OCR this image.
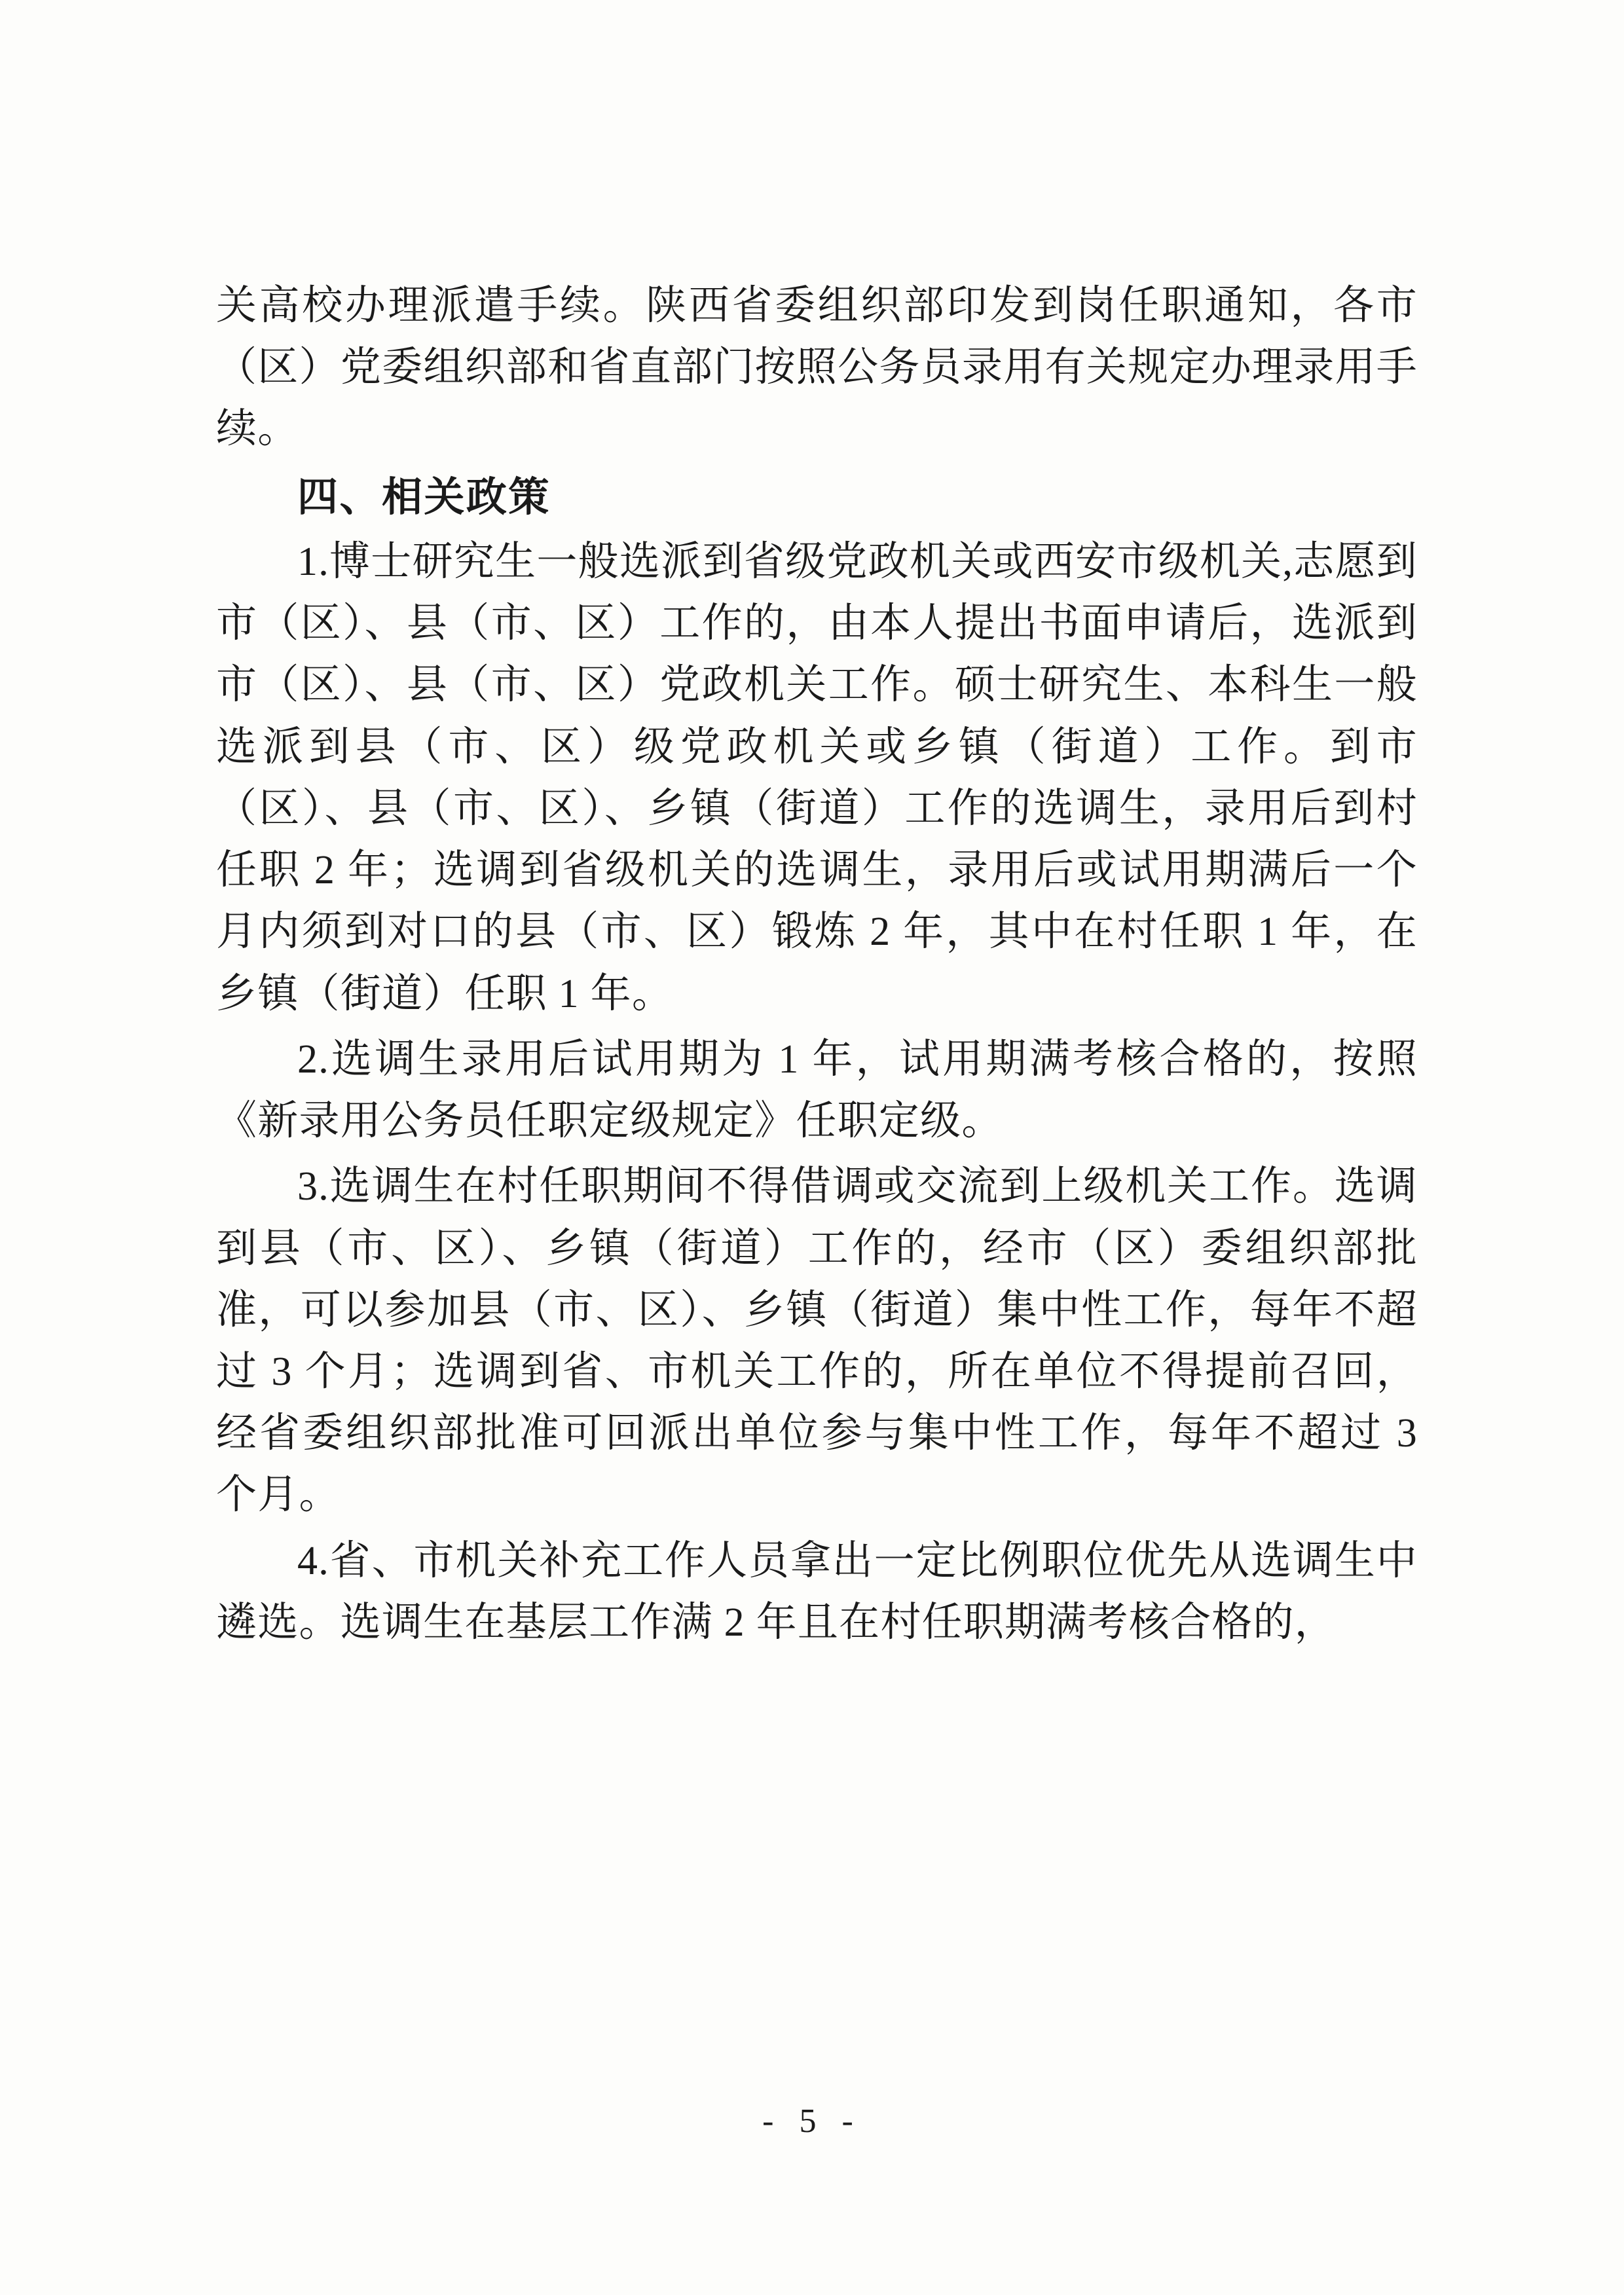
关高校办理派遣手续。陕西省委组织部印发到岗任职通知，各市（区）党委组织部和省直部门按照公务员录用有关规定办理录用手续。

四、相关政策

1.博士研究生一般选派到省级党政机关或西安市级机关,志愿到市（区）、县（市、区）工作的，由本人提出书面申请后，选派到市（区）、县（市、区）党政机关工作。硕士研究生、本科生一般选派到县（市、区）级党政机关或乡镇（街道）工作。到市（区）、县（市、区）、乡镇（街道）工作的选调生，录用后到村任职 2 年；选调到省级机关的选调生，录用后或试用期满后一个月内须到对口的县（市、区）锻炼 2 年，其中在村任职 1 年，在乡镇（街道）任职 1 年。

2.选调生录用后试用期为 1 年，试用期满考核合格的，按照《新录用公务员任职定级规定》任职定级。

3.选调生在村任职期间不得借调或交流到上级机关工作。选调到县（市、区）、乡镇（街道）工作的，经市（区）委组织部批准，可以参加县（市、区）、乡镇（街道）集中性工作，每年不超过 3 个月；选调到省、市机关工作的，所在单位不得提前召回，经省委组织部批准可回派出单位参与集中性工作，每年不超过 3 个月。

4.省、市机关补充工作人员拿出一定比例职位优先从选调生中遴选。选调生在基层工作满 2 年且在村任职期满考核合格的，

- 5 -
